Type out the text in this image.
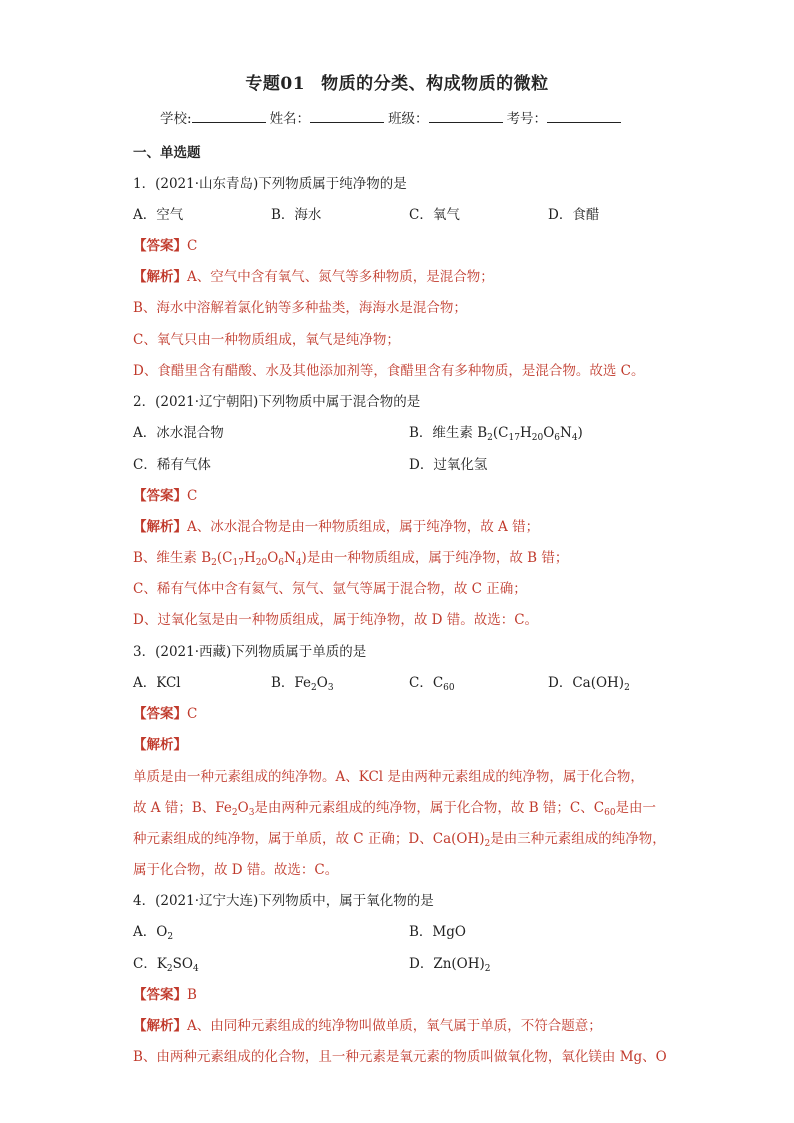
专题01 物质的分类、构成物质的微粒
学校:	姓名：	班级：	考号：
一、单选题
1．(2021·山东青岛)下列物质属于纯净物的是
A．空气	B．海水	C．氧气	D．食醋
【答案】C
【解析】A、空气中含有氧气、氮气等多种物质，是混合物；
B、海水中溶解着氯化钠等多种盐类，海海水是混合物；
C、氧气只由一种物质组成，氧气是纯净物；
D、食醋里含有醋酸、水及其他添加剂等，食醋里含有多种物质，是混合物。故选 C。
2．(2021·辽宁朝阳)下列物质中属于混合物的是
A．冰水混合物	B．维生素 $B_2(C_{17}H_{20}O_6N_4)$
C．稀有气体	D．过氧化氢
【答案】C
【解析】A、冰水混合物是由一种物质组成，属于纯净物，故 A 错；
B、维生素 $B_2(C_{17}H_{20}O_6N_4)$是由一种物质组成，属于纯净物，故 B 错；
C、稀有气体中含有氦气、氖气、氩气等属于混合物，故 C 正确；
D、过氧化氢是由一种物质组成，属于纯净物，故 D 错。故选：C。
3．(2021·西藏)下列物质属于单质的是
A．KCl	B．$Fe_2O_3$	C．$C_{60}$	D．$Ca(OH)_2$
【答案】C
【解析】
单质是由一种元素组成的纯净物。A、KCl 是由两种元素组成的纯净物，属于化合物，
故 A 错；B、$Fe_2O_3$是由两种元素组成的纯净物，属于化合物，故 B 错；C、$C_{60}$是由一
种元素组成的纯净物，属于单质，故 C 正确；D、$Ca(OH)_2$是由三种元素组成的纯净物，
属于化合物，故 D 错。故选：C。
4．(2021·辽宁大连)下列物质中，属于氧化物的是
A．$O_2$	B．MgO
C．$K_2SO_4$	D．$Zn(OH)_2$
【答案】B
【解析】A、由同种元素组成的纯净物叫做单质，氧气属于单质，不符合题意；
B、由两种元素组成的化合物，且一种元素是氧元素的物质叫做氧化物，氧化镁由 Mg、O
